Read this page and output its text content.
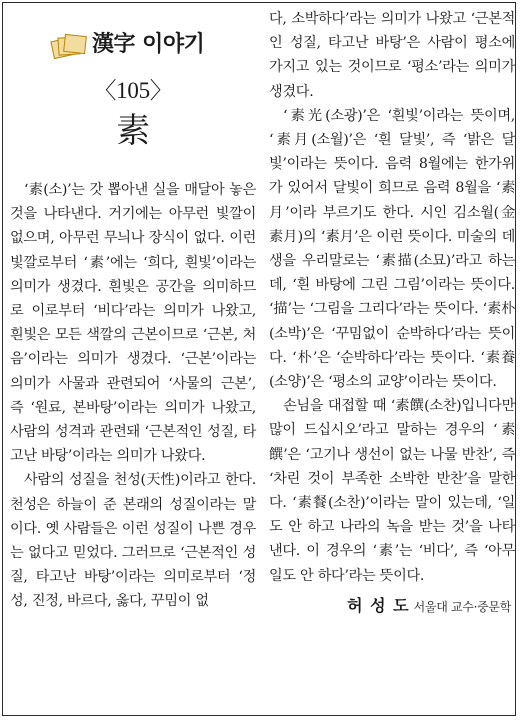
漢字 이야기
〈105〉
素

‘素(소)’는 갓 뽑아낸 실을 매달아 놓은 것을 나타낸다. 거기에는 아무런 빛깔이 없으며, 아무런 무늬나 장식이 없다. 이런 빛깔로부터 ‘素’에는 ‘희다, 흰빛’이라는 의미가 생겼다. 흰빛은 공간을 의미하므로 이로부터 ‘비다’라는 의미가 나왔고, 흰빛은 모든 색깔의 근본이므로 ‘근본, 처음’이라는 의미가 생겼다. ‘근본’이라는 의미가 사물과 관련되어 ‘사물의 근본’, 즉 ‘원료, 본바탕’이라는 의미가 나왔고, 사람의 성격과 관련돼 ‘근본적인 성질, 타고난 바탕’이라는 의미가 나왔다.

사람의 성질을 천성(天性)이라고 한다. 천성은 하늘이 준 본래의 성질이라는 말이다. 옛 사람들은 이런 성질이 나쁜 경우는 없다고 믿었다. 그러므로 ‘근본적인 성질, 타고난 바탕’이라는 의미로부터 ‘정성, 진정, 바르다, 옳다, 꾸밈이 없

다, 소박하다’라는 의미가 나왔고 ‘근본적인 성질, 타고난 바탕’은 사람이 평소에 가지고 있는 것이므로 ‘평소’라는 의미가 생겼다.

‘素光(소광)’은 ‘흰빛’이라는 뜻이며, ‘素月(소월)’은 ‘흰 달빛’, 즉 ‘밝은 달빛’이라는 뜻이다. 음력 8월에는 한가위가 있어서 달빛이 희므로 음력 8월을 ‘素月’이라 부르기도 한다. 시인 김소월(金素月)의 ‘素月’은 이런 뜻이다. 미술의 데생을 우리말로는 ‘素描(소묘)’라고 하는데, ‘흰 바탕에 그린 그림’이라는 뜻이다. ‘描’는 ‘그림을 그리다’라는 뜻이다. ‘素朴(소박)’은 ‘꾸밈없이 순박하다’라는 뜻이다. ‘朴’은 ‘순박하다’라는 뜻이다. ‘素養(소양)’은 ‘평소의 교양’이라는 뜻이다.

손님을 대접할 때 ‘素饌(소찬)입니다만 많이 드십시오’라고 말하는 경우의 ‘素饌’은 ‘고기나 생선이 없는 나물 반찬’, 즉 ‘차린 것이 부족한 소박한 반찬’을 말한다. ‘素餐(소찬)’이라는 말이 있는데, ‘일도 안 하고 나라의 녹을 받는 것’을 나타낸다. 이 경우의 ‘素’는 ‘비다’, 즉 ‘아무 일도 안 하다’라는 뜻이다.

허 성 도 서울대 교수·중문학
